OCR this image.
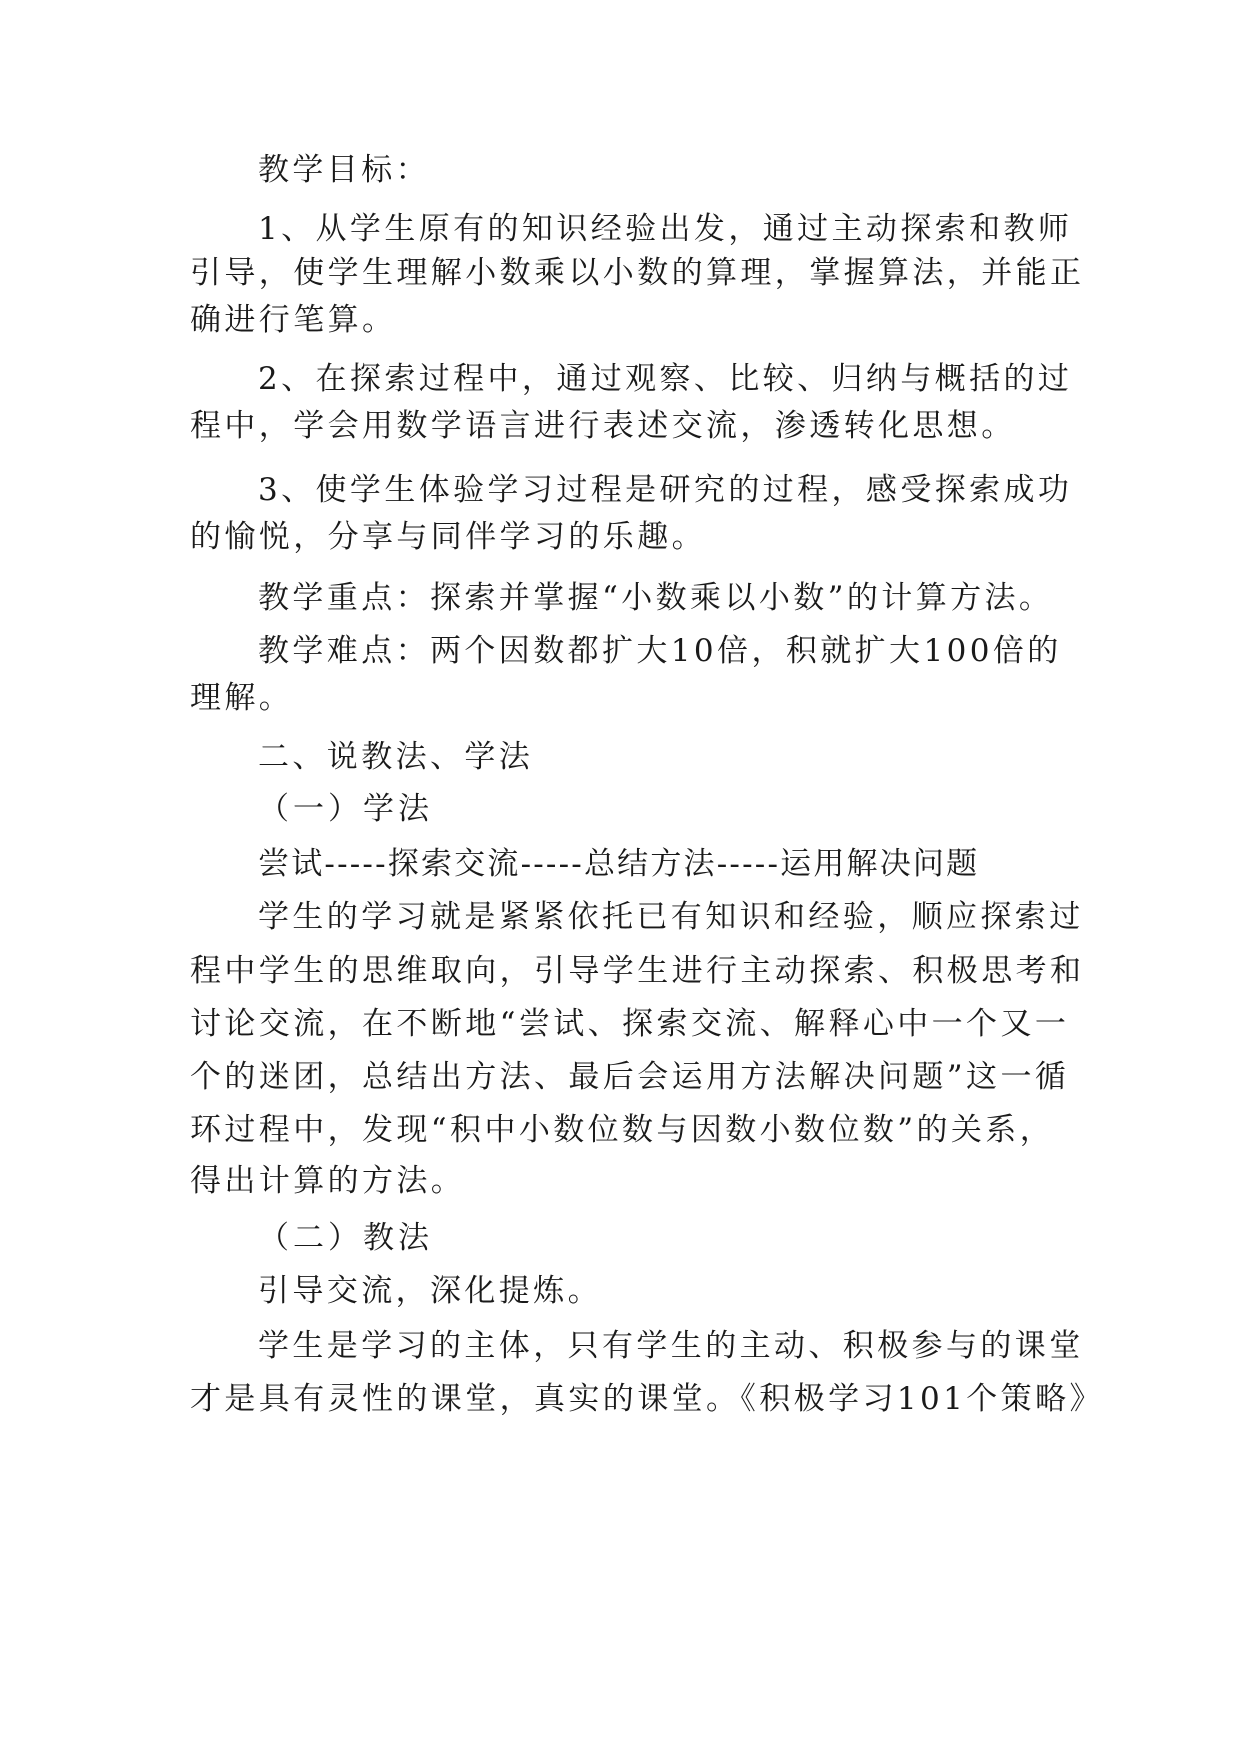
教学目标：
1、从学生原有的知识经验出发，通过主动探索和教师
引导，使学生理解小数乘以小数的算理，掌握算法，并能正
确进行笔算。
2、在探索过程中，通过观察、比较、归纳与概括的过
程中，学会用数学语言进行表述交流，渗透转化思想。
3、使学生体验学习过程是研究的过程，感受探索成功
的愉悦，分享与同伴学习的乐趣。
教学重点：探索并掌握“小数乘以小数”的计算方法。
教学难点：两个因数都扩大10倍，积就扩大100倍的
理解。
二、说教法、学法
（一）学法
尝试-----探索交流-----总结方法-----运用解决问题
学生的学习就是紧紧依托已有知识和经验，顺应探索过
程中学生的思维取向，引导学生进行主动探索、积极思考和
讨论交流，在不断地“尝试、探索交流、解释心中一个又一
个的迷团，总结出方法、最后会运用方法解决问题”这一循
环过程中，发现“积中小数位数与因数小数位数”的关系，
得出计算的方法。
（二）教法
引导交流，深化提炼。
学生是学习的主体，只有学生的主动、积极参与的课堂
才是具有灵性的课堂，真实的课堂。《积极学习101个策略》
